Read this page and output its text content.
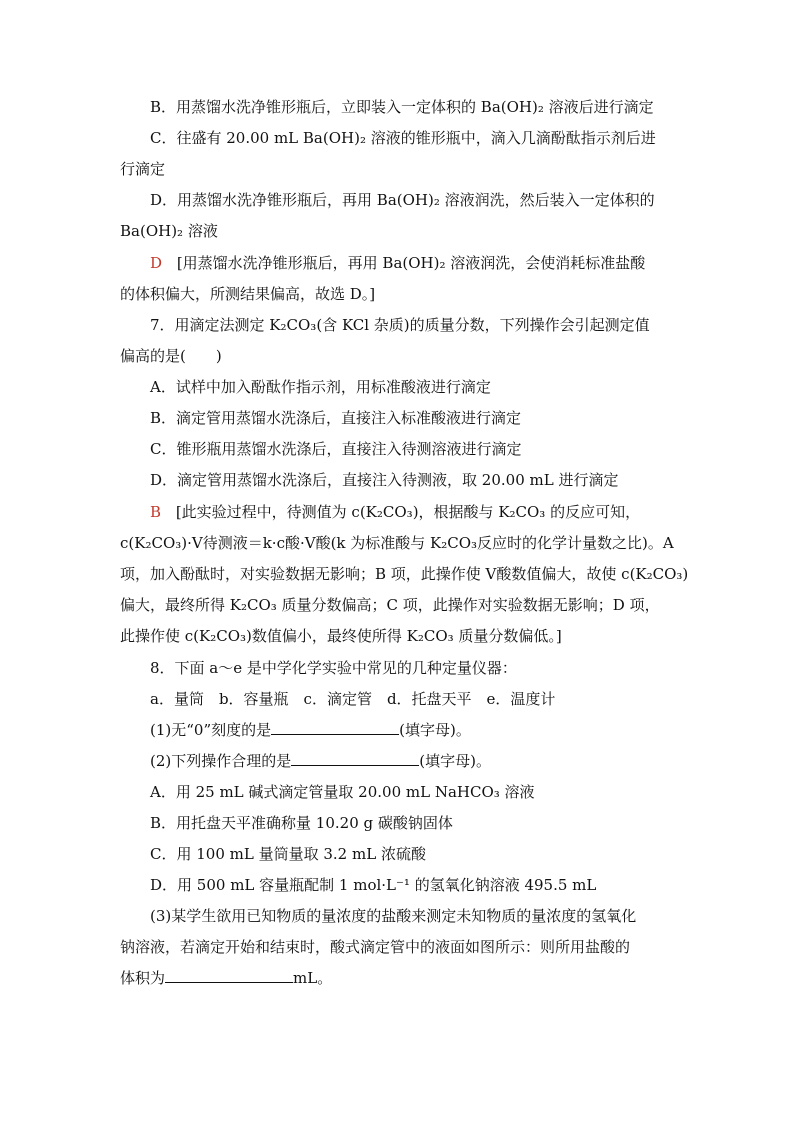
B．用蒸馏水洗净锥形瓶后，立即装入一定体积的 Ba(OH)₂ 溶液后进行滴定
C．往盛有 20.00 mL Ba(OH)₂ 溶液的锥形瓶中，滴入几滴酚酞指示剂后进
行滴定
D．用蒸馏水洗净锥形瓶后，再用 Ba(OH)₂ 溶液润洗，然后装入一定体积的
Ba(OH)₂ 溶液
D [用蒸馏水洗净锥形瓶后，再用 Ba(OH)₂ 溶液润洗，会使消耗标准盐酸
的体积偏大，所测结果偏高，故选 D。]
7．用滴定法测定 K₂CO₃(含 KCl 杂质)的质量分数，下列操作会引起测定值
偏高的是(　　)
A．试样中加入酚酞作指示剂，用标准酸液进行滴定
B．滴定管用蒸馏水洗涤后，直接注入标准酸液进行滴定
C．锥形瓶用蒸馏水洗涤后，直接注入待测溶液进行滴定
D．滴定管用蒸馏水洗涤后，直接注入待测液，取 20.00 mL 进行滴定
B [此实验过程中，待测值为 c(K₂CO₃)，根据酸与 K₂CO₃ 的反应可知，
c(K₂CO₃)·V待测液＝k·c酸·V酸(k 为标准酸与 K₂CO₃反应时的化学计量数之比)。A
项，加入酚酞时，对实验数据无影响；B 项，此操作使 V酸数值偏大，故使 c(K₂CO₃)
偏大，最终所得 K₂CO₃ 质量分数偏高；C 项，此操作对实验数据无影响；D 项，
此操作使 c(K₂CO₃)数值偏小，最终使所得 K₂CO₃ 质量分数偏低。]
8．下面 a～e 是中学化学实验中常见的几种定量仪器：
a．量筒　b．容量瓶　c．滴定管　d．托盘天平　e．温度计
(1)无“0”刻度的是	(填字母)。
(2)下列操作合理的是	(填字母)。
A．用 25 mL 碱式滴定管量取 20.00 mL NaHCO₃ 溶液
B．用托盘天平准确称量 10.20 g 碳酸钠固体
C．用 100 mL 量筒量取 3.2 mL 浓硫酸
D．用 500 mL 容量瓶配制 1 mol·L⁻¹ 的氢氧化钠溶液 495.5 mL
(3)某学生欲用已知物质的量浓度的盐酸来测定未知物质的量浓度的氢氧化
钠溶液，若滴定开始和结束时，酸式滴定管中的液面如图所示：则所用盐酸的
体积为	mL。
